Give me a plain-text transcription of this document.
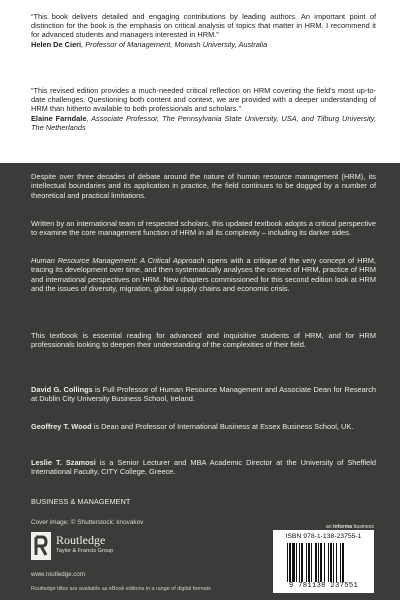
“This book delivers detailed and engaging contributions by leading authors. An important point of distinction for the book is the emphasis on critical analysis of topics that matter in HRM. I recommend it for advanced students and managers interested in HRM.”

Helen De Cieri, Professor of Management, Monash University, Australia

“This revised edition provides a much-needed critical reflection on HRM covering the field’s most up-to-date challenges. Questioning both content and context, we are provided with a deeper understanding of HRM than hitherto available to both professionals and scholars.”

Elaine Farndale, Associate Professor, The Pennsylvania State University, USA, and Tilburg University, The Netherlands

Despite over three decades of debate around the nature of human resource management (HRM), its intellectual boundaries and its application in practice, the field continues to be dogged by a number of theoretical and practical limitations.

Written by an international team of respected scholars, this updated textbook adopts a critical perspective to examine the core management function of HRM in all its complexity – including its darker sides.

Human Resource Management: A Critical Approach opens with a critique of the very concept of HRM, tracing its development over time, and then systematically analyses the context of HRM, practice of HRM and international perspectives on HRM. New chapters commissioned for this second edition look at HRM and the issues of diversity, migration, global supply chains and economic crisis.

This textbook is essential reading for advanced and inquisitive students of HRM, and for HRM professionals looking to deepen their understanding of the complexities of their field.

David G. Collings is Full Professor of Human Resource Management and Associate Dean for Research at Dublin City University Business School, Ireland.

Geoffrey T. Wood is Dean and Professor of International Business at Essex Business School, UK.

Leslie T. Szamosi is a Senior Lecturer and MBA Academic Director at the University of Sheffield International Faculty, CITY College, Greece.

BUSINESS & MANAGEMENT
Cover image: © Shutterstock: knovakov
Routledge
Taylor & Francis Group
www.routledge.com
Routledge titles are available as eBook editions in a range of digital formats
an informa business
ISBN 978-1-138-23755-1
9 781138 237551
